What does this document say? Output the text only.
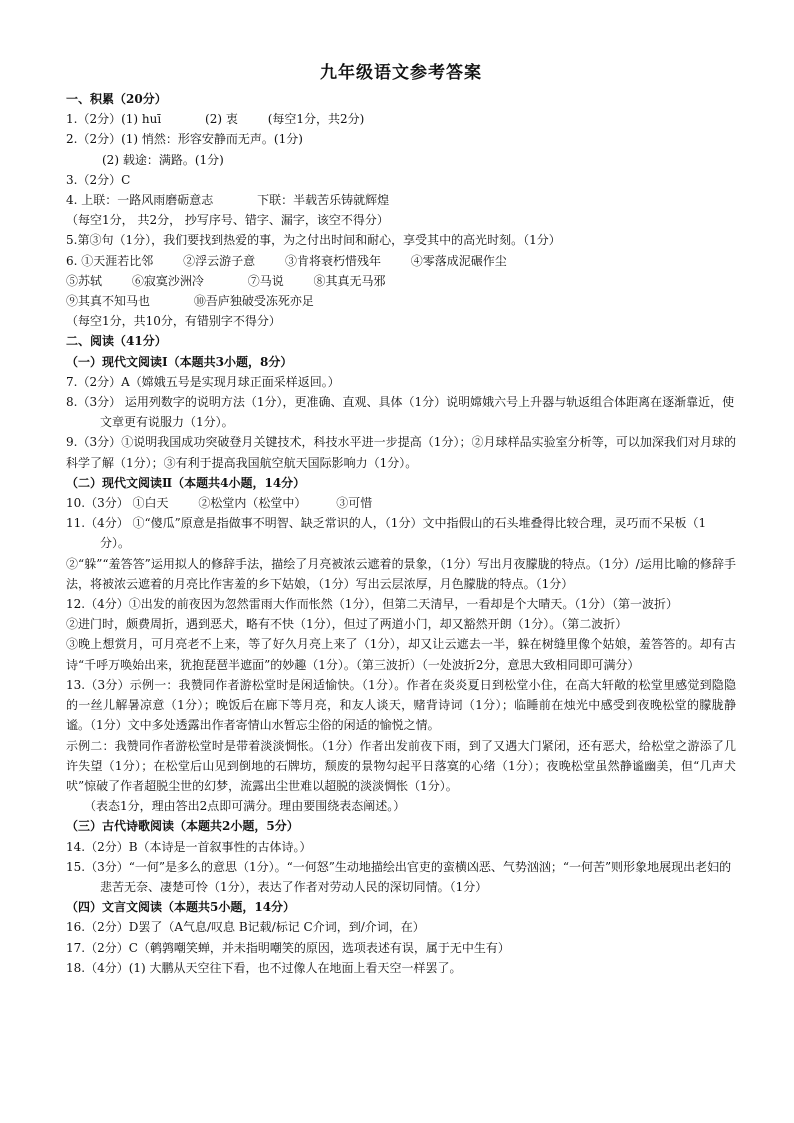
九年级语文参考答案
一、积累（20分）
1.（2分）(1) huī	(2) 衷 (每空1分，共2分)
2.（2分）(1) 悄然：形容安静而无声。(1分)
(2) 载途：满路。(1分)
3.（2分）C
4. 上联：一路风雨磨砺意志	下联：半载苦乐铸就辉煌
（每空1分， 共2分， 抄写序号、错字、漏字，该空不得分）
5.第③句（1分），我们要找到热爱的事，为之付出时间和耐心，享受其中的高光时刻。（1分）
6. ①天涯若比邻 ②浮云游子意 ③肯将衰朽惜残年 ④零落成泥碾作尘
⑤苏轼 ⑥寂寞沙洲冷	⑦马说 ⑧其真无马邪
⑨其真不知马也	⑩吾庐独破受冻死亦足
（每空1分，共10分，有错别字不得分）
二、阅读（41分）
（一）现代文阅读Ⅰ（本题共3小题，8分）
7.（2分）A（嫦娥五号是实现月球正面采样返回。）
8.（3分） 运用列数字的说明方法（1分），更准确、直观、具体（1分）说明嫦娥六号上升器与轨返组合体距离在逐渐靠近，使文章更有说服力（1分）。
9.（3分）①说明我国成功突破登月关键技术，科技水平进一步提高（1分）；②月球样品实验室分析等，可以加深我们对月球的科学了解（1分）；③有利于提高我国航空航天国际影响力（1分）。
（二）现代文阅读Ⅱ（本题共4小题，14分）
10.（3分） ①白天 ②松堂内（松堂中） ③可惜
11.（4分） ①“傻瓜”原意是指做事不明智、缺乏常识的人，（1分）文中指假山的石头堆叠得比较合理，灵巧而不呆板（1分）。
②“躲”“羞答答”运用拟人的修辞手法，描绘了月亮被浓云遮着的景象，（1分）写出月夜朦胧的特点。（1分）/运用比喻的修辞手法，将被浓云遮着的月亮比作害羞的乡下姑娘，（1分）写出云层浓厚，月色朦胧的特点。（1分）
12.（4分）①出发的前夜因为忽然雷雨大作而怅然（1分），但第二天清早，一看却是个大晴天。（1分）（第一波折）
②进门时，颇费周折，遇到恶犬，略有不快（1分），但过了两道小门，却又豁然开朗（1分）。（第二波折）
③晚上想赏月，可月亮老不上来，等了好久月亮上来了（1分），却又让云遮去一半，躲在树缝里像个姑娘，羞答答的。却有古诗“千呼万唤始出来，犹抱琵琶半遮面”的妙趣（1分）。（第三波折）（一处波折2分，意思大致相同即可满分）
13.（3分）示例一：我赞同作者游松堂时是闲适愉快。（1分）。作者在炎炎夏日到松堂小住，在高大轩敞的松堂里感觉到隐隐的一丝儿解暑凉意（1分）；晚饭后在廊下等月亮，和友人谈天，赌背诗词（1分）；临睡前在烛光中感受到夜晚松堂的朦胧静谧。（1分）文中多处透露出作者寄情山水暂忘尘俗的闲适的愉悦之情。
示例二：我赞同作者游松堂时是带着淡淡惆怅。（1分）作者出发前夜下雨，到了又遇大门紧闭，还有恶犬，给松堂之游添了几许失望（1分）；在松堂后山见到倒地的石牌坊，颓废的景物勾起平日落寞的心绪（1分）；夜晚松堂虽然静谧幽美，但“几声犬吠”惊破了作者超脱尘世的幻梦，流露出尘世难以超脱的淡淡惆怅（1分）。
（表态1分，理由答出2点即可满分。理由要围绕表态阐述。）
（三）古代诗歌阅读（本题共2小题，5分）
14.（2分）B（本诗是一首叙事性的古体诗。）
15.（3分）“一何”是多么的意思（1分）。“一何怒”生动地描绘出官吏的蛮横凶恶、气势汹汹；“一何苦”则形象地展现出老妇的悲苦无奈、凄楚可怜（1分），表达了作者对劳动人民的深切同情。（1分）
（四）文言文阅读（本题共5小题，14分）
16.（2分）D罢了（A气息/叹息 B记载/标记 C介词，到/介词，在）
17.（2分）C（鹌鹑嘲笑蝉，并未指明嘲笑的原因，选项表述有误，属于无中生有）
18.（4分）(1) 大鹏从天空往下看，也不过像人在地面上看天空一样罢了。
